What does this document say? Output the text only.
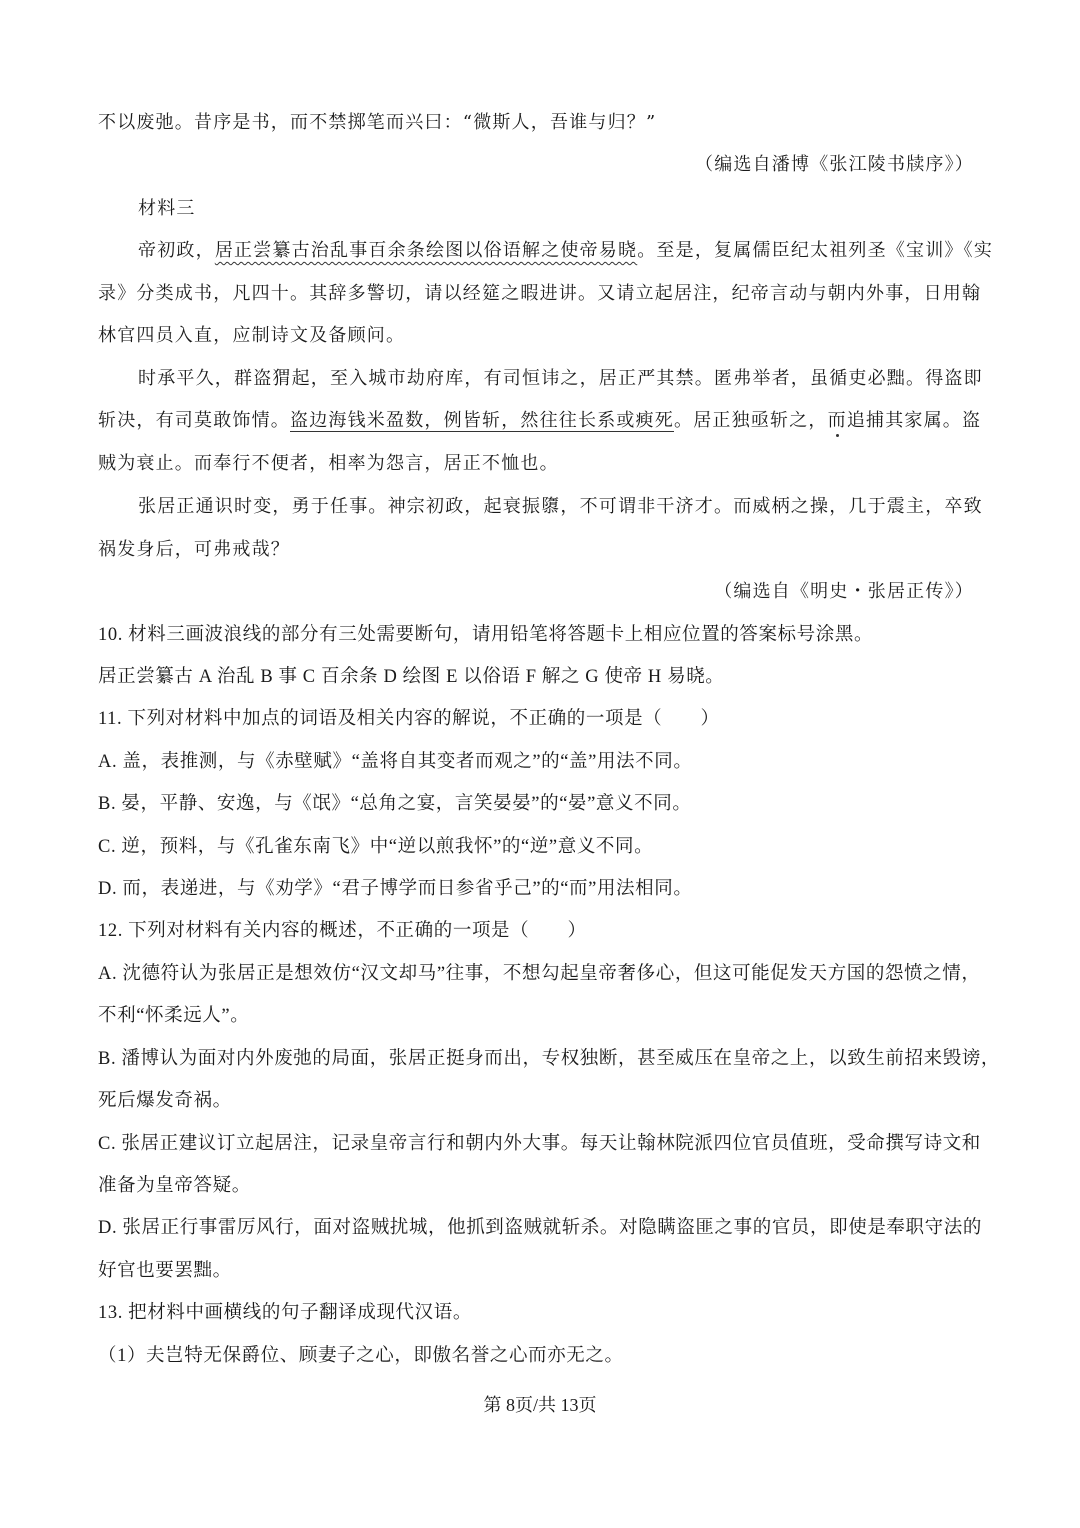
不以废弛。昔序是书，而不禁掷笔而兴曰：“微斯人，吾谁与归？”
（编选自潘博《张江陵书牍序》）
材料三
帝初政，居正尝纂古治乱事百余条绘图以俗语解之使帝易晓。至是，复属儒臣纪太祖列圣《宝训》《实
录》分类成书，凡四十。其辞多警切，请以经筵之暇进讲。又请立起居注，纪帝言动与朝内外事，日用翰
林官四员入直，应制诗文及备顾问。
时承平久，群盗猬起，至入城市劫府库，有司恒讳之，居正严其禁。匿弗举者，虽循吏必黜。得盗即
斩决，有司莫敢饰情。盗边海钱米盈数，例皆斩，然往往长系或瘐死。居正独亟斩之，而追捕其家属。盗
贼为衰止。而奉行不便者，相率为怨言，居正不恤也。
张居正通识时变，勇于任事。神宗初政，起衰振隳，不可谓非干济才。而威柄之操，几于震主，卒致
祸发身后，可弗戒哉？
（编选自《明史・张居正传》）
10. 材料三画波浪线的部分有三处需要断句，请用铅笔将答题卡上相应位置的答案标号涂黑。
居正尝纂古 A 治乱 B 事 C 百余条 D 绘图 E 以俗语 F 解之 G 使帝 H 易晓。
11. 下列对材料中加点的词语及相关内容的解说，不正确的一项是（　　）
A. 盖，表推测，与《赤壁赋》“盖将自其变者而观之”的“盖”用法不同。
B. 晏，平静、安逸，与《氓》“总角之宴，言笑晏晏”的“晏”意义不同。
C. 逆，预料，与《孔雀东南飞》中“逆以煎我怀”的“逆”意义不同。
D. 而，表递进，与《劝学》“君子博学而日参省乎己”的“而”用法相同。
12. 下列对材料有关内容的概述，不正确的一项是（　　）
A. 沈德符认为张居正是想效仿“汉文却马”往事，不想勾起皇帝奢侈心，但这可能促发天方国的怨愤之情，
不利“怀柔远人”。
B. 潘博认为面对内外废弛的局面，张居正挺身而出，专权独断，甚至威压在皇帝之上，以致生前招来毁谤，
死后爆发奇祸。
C. 张居正建议订立起居注，记录皇帝言行和朝内外大事。每天让翰林院派四位官员值班，受命撰写诗文和
准备为皇帝答疑。
D. 张居正行事雷厉风行，面对盗贼扰城，他抓到盗贼就斩杀。对隐瞒盗匪之事的官员，即使是奉职守法的
好官也要罢黜。
13. 把材料中画横线的句子翻译成现代汉语。
（1）夫岂特无保爵位、顾妻子之心，即傲名誉之心而亦无之。
第 8页/共 13页
